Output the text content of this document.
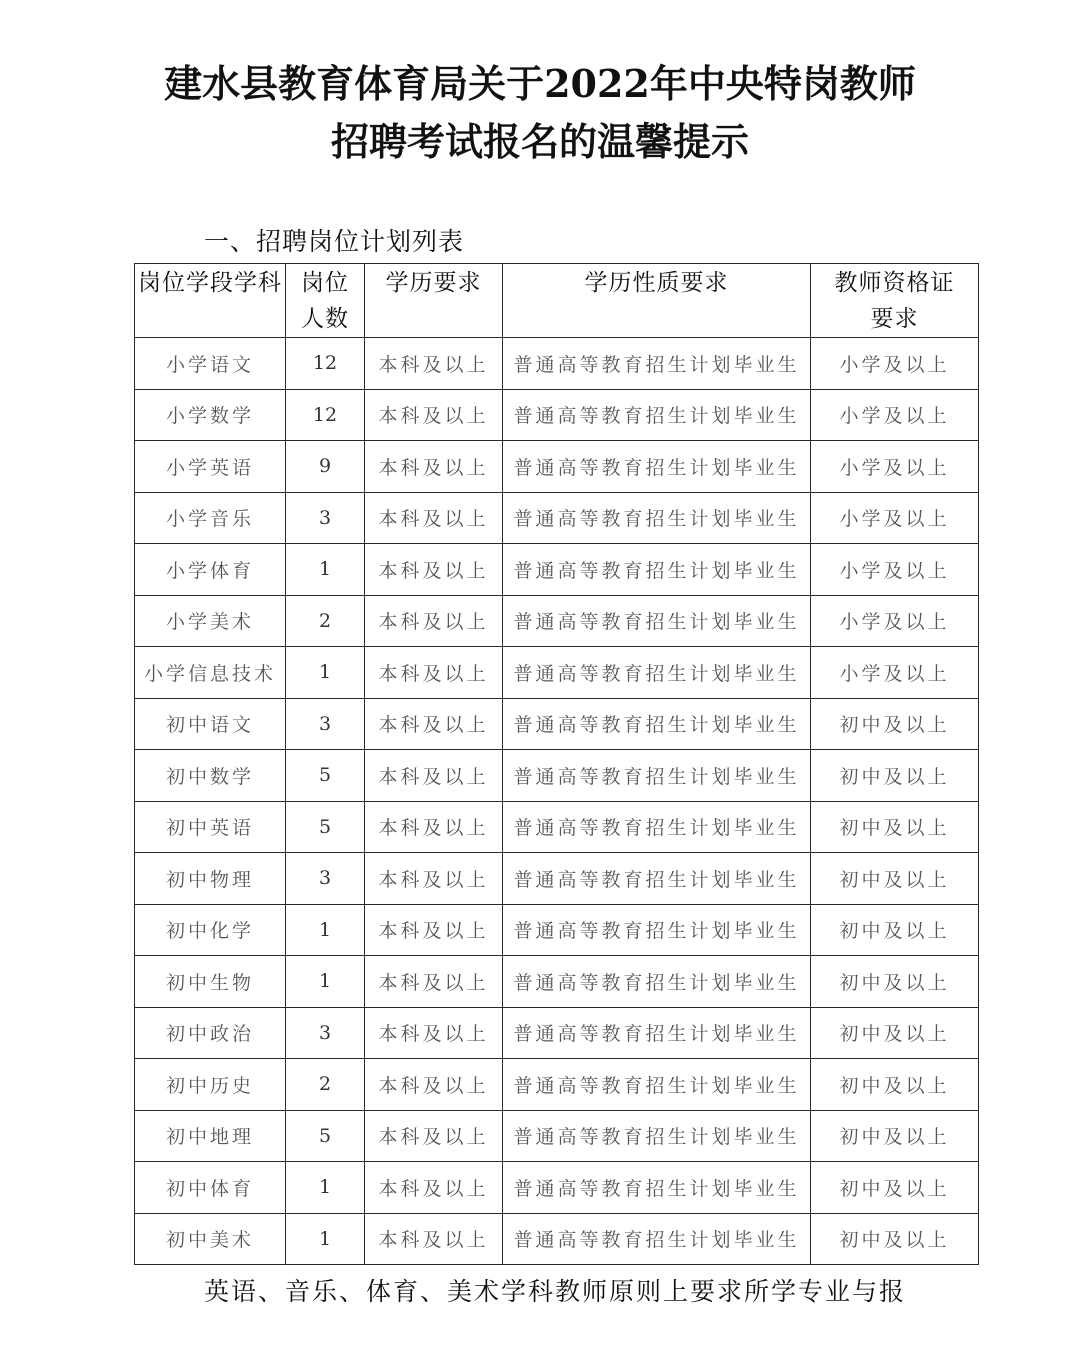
建水县教育体育局关于2022年中央特岗教师
招聘考试报名的温馨提示
一、招聘岗位计划列表
岗位学段学科	岗位人数	学历要求	学历性质要求	教师资格证要求

小学语文	12	本科及以上	普通高等教育招生计划毕业生	小学及以上
小学数学	12	本科及以上	普通高等教育招生计划毕业生	小学及以上
小学英语	9	本科及以上	普通高等教育招生计划毕业生	小学及以上
小学音乐	3	本科及以上	普通高等教育招生计划毕业生	小学及以上
小学体育	1	本科及以上	普通高等教育招生计划毕业生	小学及以上
小学美术	2	本科及以上	普通高等教育招生计划毕业生	小学及以上
小学信息技术	1	本科及以上	普通高等教育招生计划毕业生	小学及以上
初中语文	3	本科及以上	普通高等教育招生计划毕业生	初中及以上
初中数学	5	本科及以上	普通高等教育招生计划毕业生	初中及以上
初中英语	5	本科及以上	普通高等教育招生计划毕业生	初中及以上
初中物理	3	本科及以上	普通高等教育招生计划毕业生	初中及以上
初中化学	1	本科及以上	普通高等教育招生计划毕业生	初中及以上
初中生物	1	本科及以上	普通高等教育招生计划毕业生	初中及以上
初中政治	3	本科及以上	普通高等教育招生计划毕业生	初中及以上
初中历史	2	本科及以上	普通高等教育招生计划毕业生	初中及以上
初中地理	5	本科及以上	普通高等教育招生计划毕业生	初中及以上
初中体育	1	本科及以上	普通高等教育招生计划毕业生	初中及以上
初中美术	1	本科及以上	普通高等教育招生计划毕业生	初中及以上
英语、音乐、体育、美术学科教师原则上要求所学专业与报
